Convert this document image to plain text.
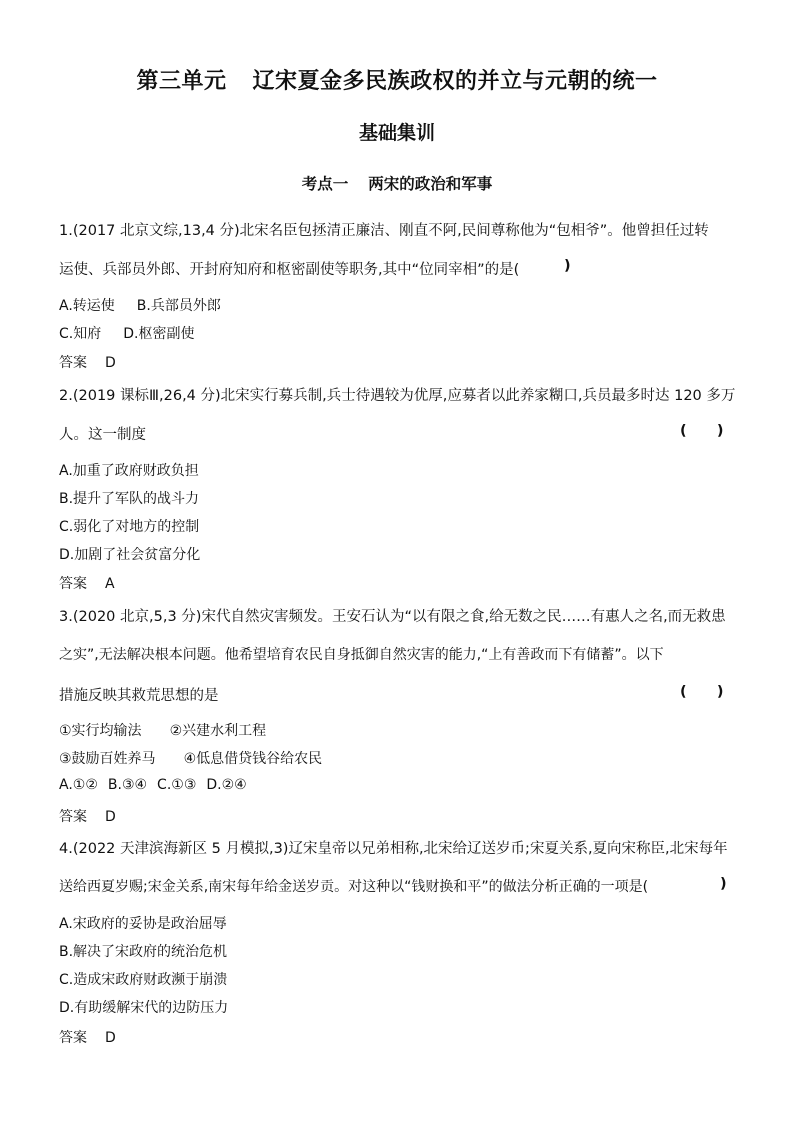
第三单元 辽宋夏金多民族政权的并立与元朝的统一
基础集训
考点一 两宋的政治和军事
1.(2017 北京文综,13,4 分)北宋名臣包拯清正廉洁、刚直不阿,民间尊称他为“包相爷”。他曾担任过转
运使、兵部员外郎、开封府知府和枢密副使等职务,其中“位同宰相”的是(	)
A.转运使 B.兵部员外郎
C.知府 D.枢密副使
答案 D
2.(2019 课标Ⅲ,26,4 分)北宋实行募兵制,兵士待遇较为优厚,应募者以此养家糊口,兵员最多时达 120 多万
人。这一制度	(      )
A.加重了政府财政负担
B.提升了军队的战斗力
C.弱化了对地方的控制
D.加剧了社会贫富分化
答案 A
3.(2020 北京,5,3 分)宋代自然灾害频发。王安石认为“以有限之食,给无数之民……有惠人之名,而无救患
之实”,无法解决根本问题。他希望培育农民自身抵御自然灾害的能力,“上有善政而下有储蓄”。以下
措施反映其救荒思想的是	(      )
①实行均输法 ②兴建水利工程
③鼓励百姓养马 ④低息借贷钱谷给农民
A.①② B.③④ C.①③ D.②④
答案 D
4.(2022 天津滨海新区 5 月模拟,3)辽宋皇帝以兄弟相称,北宋给辽送岁币;宋夏关系,夏向宋称臣,北宋每年
送给西夏岁赐;宋金关系,南宋每年给金送岁贡。对这种以“钱财换和平”的做法分析正确的一项是(	)
A.宋政府的妥协是政治屈辱
B.解决了宋政府的统治危机
C.造成宋政府财政濒于崩溃
D.有助缓解宋代的边防压力
答案 D
